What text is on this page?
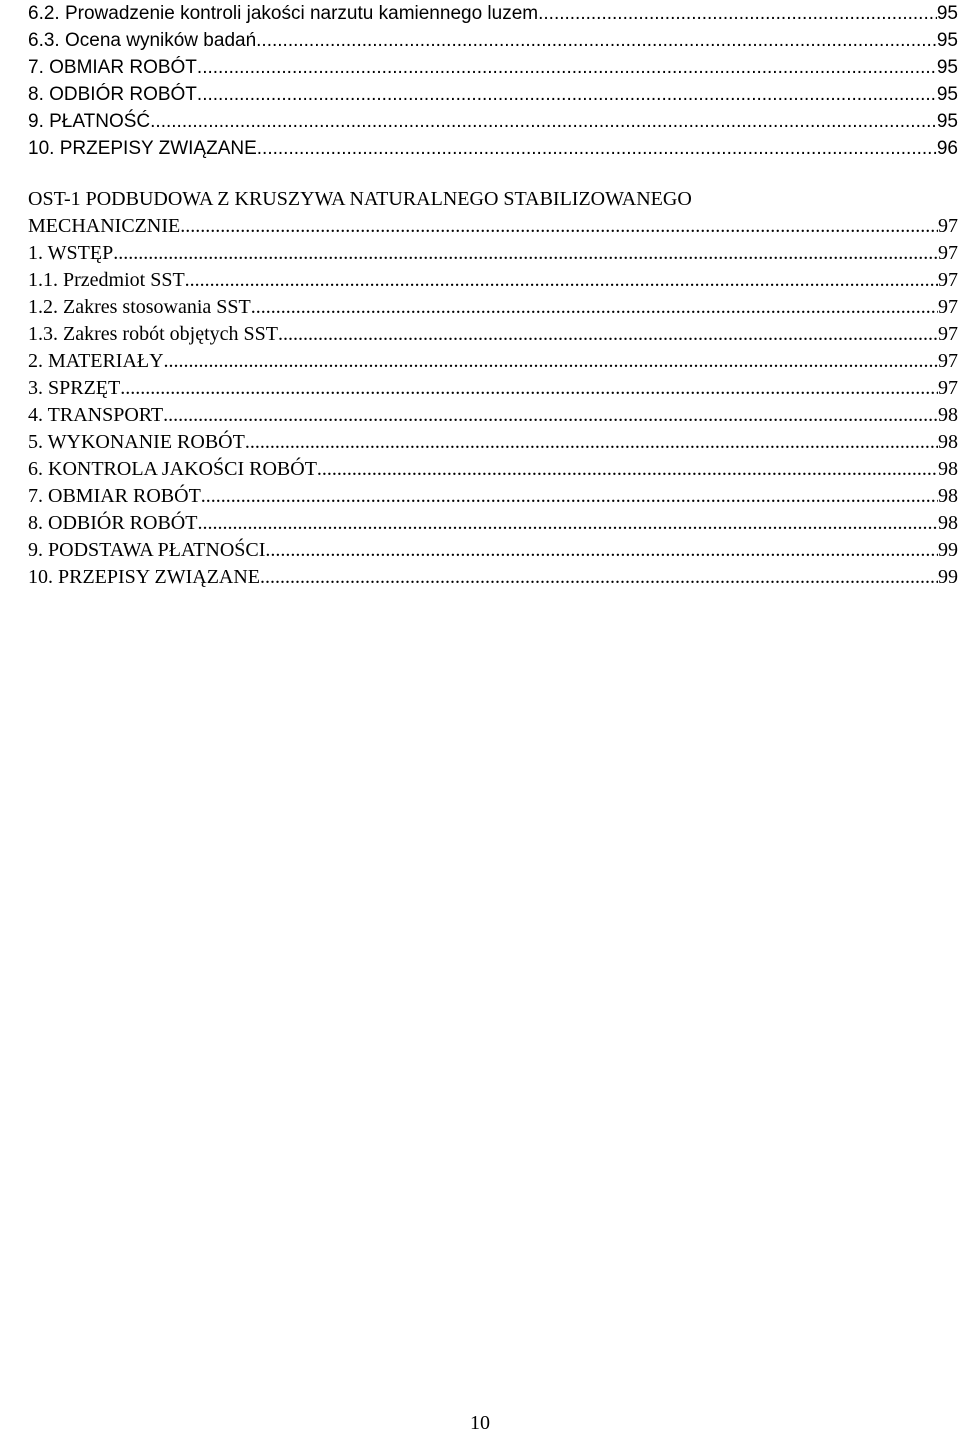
6.2. Prowadzenie kontroli jakości narzutu kamiennego luzem .....	95
6.3. Ocena wyników badań .....	95
7. OBMIAR ROBÓT .....	95
8. ODBIÓR ROBÓT .....	95
9. PŁATNOŚĆ .....	95
10. PRZEPISY ZWIĄZANE .....	96
OST-1 PODBUDOWA Z KRUSZYWA NATURALNEGO STABILIZOWANEGO
MECHANICZNIE .....	97
1. WSTĘP .....	97
1.1. Przedmiot SST .....	97
1.2. Zakres stosowania SST .....	97
1.3. Zakres robót objętych SST .....	97
2. MATERIAŁY .....	97
3. SPRZĘT .....	97
4. TRANSPORT .....	98
5. WYKONANIE ROBÓT .....	98
6. KONTROLA JAKOŚCI ROBÓT .....	98
7. OBMIAR ROBÓT .....	98
8. ODBIÓR ROBÓT .....	98
9. PODSTAWA PŁATNOŚCI .....	99
10. PRZEPISY ZWIĄZANE .....	99
10
